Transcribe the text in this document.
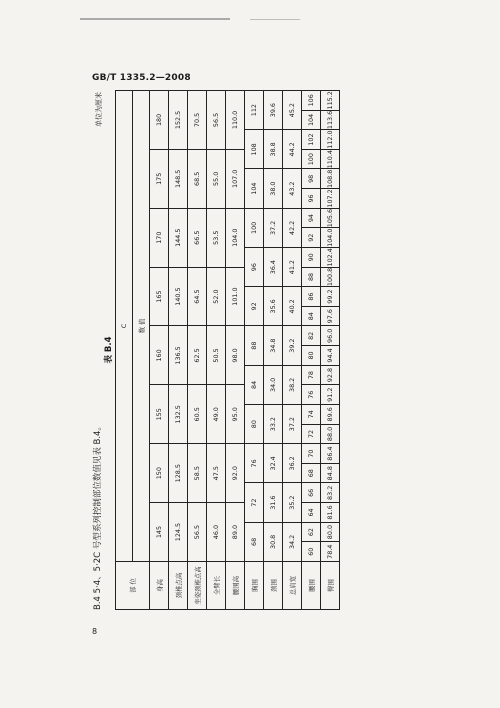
GB/T 1335.2—2008
B.4 5·4、5·2C 号型系列控制部位数值见表 B.4。
表 B.4
单位为厘米
部 位	C																							
	数 值																							
身高	145			150			155			160			165			170			175			180		
颈椎点高	124.5			128.5			132.5			136.5			140.5			144.5			148.5			152.5		
坐姿颈椎点高	56.5			58.5			60.5			62.5			64.5			66.5			68.5			70.5		
全臂长	46.0			47.5			49.0			50.5			52.0			53.5			55.0			56.5		
腰围高	89.0			92.0			95.0			98.0			101.0			104.0			107.0			110.0		
胸围	68		72		76		80		84		88		92		96		100		104		108		112	
颈围	30.8		31.6		32.4		33.2		34.0		34.8		35.6		36.4		37.2		38.0		38.8		39.6	
总肩宽	34.2		35.2		36.2		37.2		38.2		39.2		40.2		41.2		42.2		43.2		44.2		45.2	
腰围	60	62	64	66	68	70	72	74	76	78	80	82	84	86	88	90	92	94	96	98	100	102	104	106
臀围	78.4	80.0	81.6	83.2	84.8	86.4	88.0	89.6	91.2	92.8	94.4	96.0	97.6	99.2	100.8	102.4	104.0	105.6	107.2	108.8	110.4	112.0	113.6	115.2
8
